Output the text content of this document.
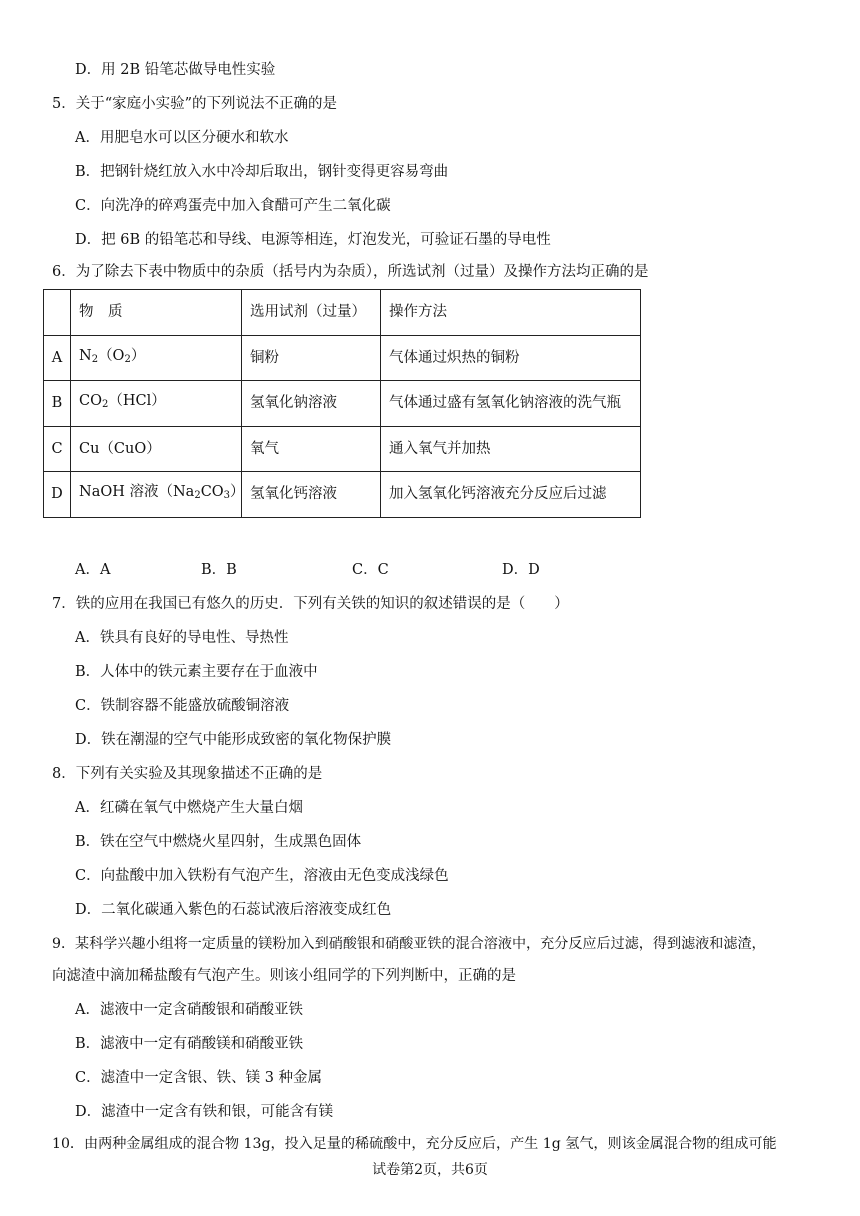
D．用 2B 铅笔芯做导电性实验
5．关于“家庭小实验”的下列说法不正确的是
A．用肥皂水可以区分硬水和软水
B．把钢针烧红放入水中冷却后取出，钢针变得更容易弯曲
C．向洗净的碎鸡蛋壳中加入食醋可产生二氧化碳
D．把 6B 的铅笔芯和导线、电源等相连，灯泡发光，可验证石墨的导电性
6．为了除去下表中物质中的杂质（括号内为杂质），所选试剂（过量）及操作方法均正确的是
	物　质	选用试剂（过量）	操作方法
A	$N_2(O_2)$	铜粉	气体通过炽热的铜粉
B	$CO_2(HCl)$	氢氧化钠溶液	气体通过盛有氢氧化钠溶液的洗气瓶
C	Cu（CuO）	氧气	通入氧气并加热
D	NaOH 溶液$(Na_2CO_3)$	氢氧化钙溶液	加入氢氧化钙溶液充分反应后过滤
A．A	B．B	C．C	D．D
7．铁的应用在我国已有悠久的历史．下列有关铁的知识的叙述错误的是（　　）
A．铁具有良好的导电性、导热性
B．人体中的铁元素主要存在于血液中
C．铁制容器不能盛放硫酸铜溶液
D．铁在潮湿的空气中能形成致密的氧化物保护膜
8．下列有关实验及其现象描述不正确的是
A．红磷在氧气中燃烧产生大量白烟
B．铁在空气中燃烧火星四射，生成黑色固体
C．向盐酸中加入铁粉有气泡产生，溶液由无色变成浅绿色
D．二氧化碳通入紫色的石蕊试液后溶液变成红色
9．某科学兴趣小组将一定质量的镁粉加入到硝酸银和硝酸亚铁的混合溶液中，充分反应后过滤，得到滤液和滤渣，
向滤渣中滴加稀盐酸有气泡产生。则该小组同学的下列判断中，正确的是
A．滤液中一定含硝酸银和硝酸亚铁
B．滤液中一定有硝酸镁和硝酸亚铁
C．滤渣中一定含银、铁、镁 3 种金属
D．滤渣中一定含有铁和银，可能含有镁
10．由两种金属组成的混合物 13g，投入足量的稀硫酸中，充分反应后，产生 1g 氢气，则该金属混合物的组成可能
试卷第2页，共6页
